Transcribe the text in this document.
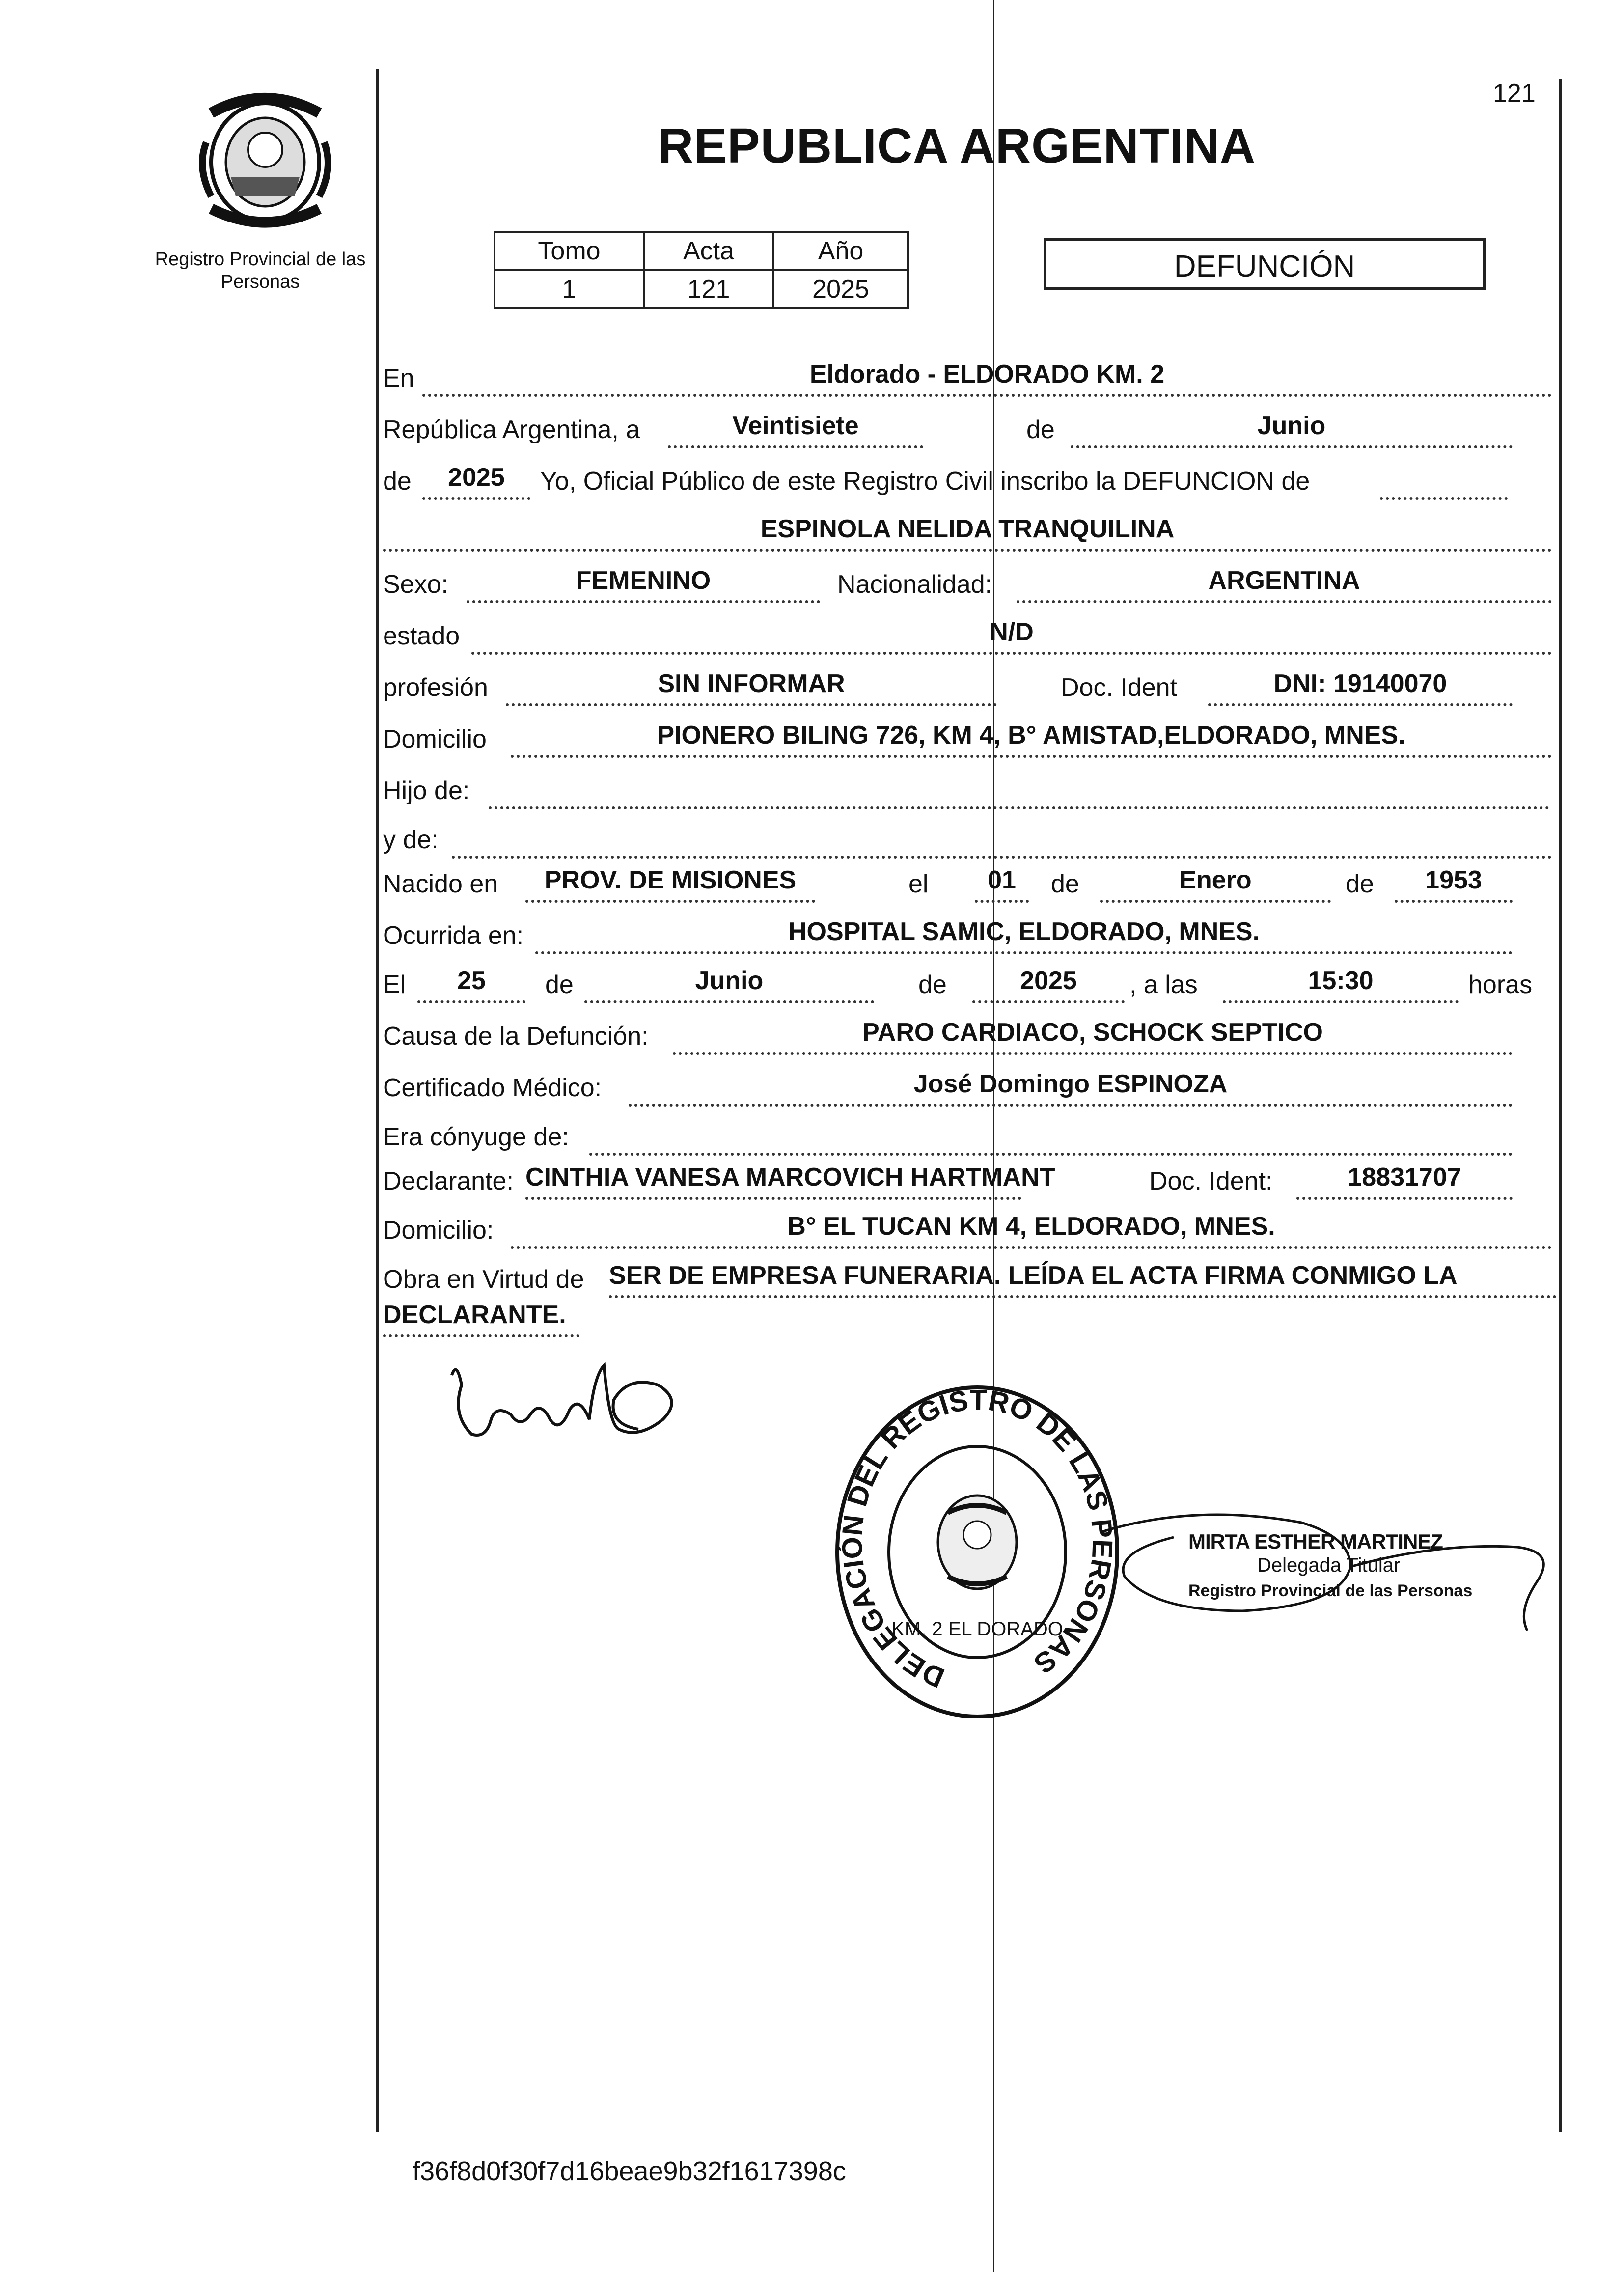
Registro Provincial de las Personas
REPUBLICA ARGENTINA
121
Tomo	Acta	Año
1	121	2025
DEFUNCIÓN
En	Eldorado - ELDORADO KM. 2
República Argentina, a	Veintisiete	de	Junio
de	2025	Yo, Oficial Público de este Registro Civil inscribo la DEFUNCION de
ESPINOLA NELIDA TRANQUILINA
Sexo:	FEMENINO	Nacionalidad:	ARGENTINA
estado	N/D
profesión	SIN INFORMAR	Doc. Ident	DNI: 19140070
Domicilio	PIONERO BILING 726, KM 4, B° AMISTAD,ELDORADO, MNES.
Hijo de:
y de:
Nacido en	PROV. DE MISIONES	el	01	de	Enero	de	1953
Ocurrida en:	HOSPITAL SAMIC, ELDORADO, MNES.
El	25	de	Junio	de	2025	, a las	15:30	horas
Causa de la Defunción:	PARO CARDIACO, SCHOCK SEPTICO
Certificado Médico:	José Domingo ESPINOZA
Era cónyuge de:
Declarante: CINTHIA VANESA MARCOVICH HARTMANT	Doc. Ident:	18831707
Domicilio:	B° EL TUCAN KM 4, ELDORADO, MNES.
Obra en Virtud de SER DE EMPRESA FUNERARIA. LEÍDA EL ACTA FIRMA CONMIGO LA
DECLARANTE.
DELEGACIÓN DEL REGISTRO DE LAS PERSONAS
KM. 2 EL DORADO
MIRTA ESTHER MARTINEZ
Delegada Titular
Registro Provincial de las Personas
f36f8d0f30f7d16beae9b32f1617398c
